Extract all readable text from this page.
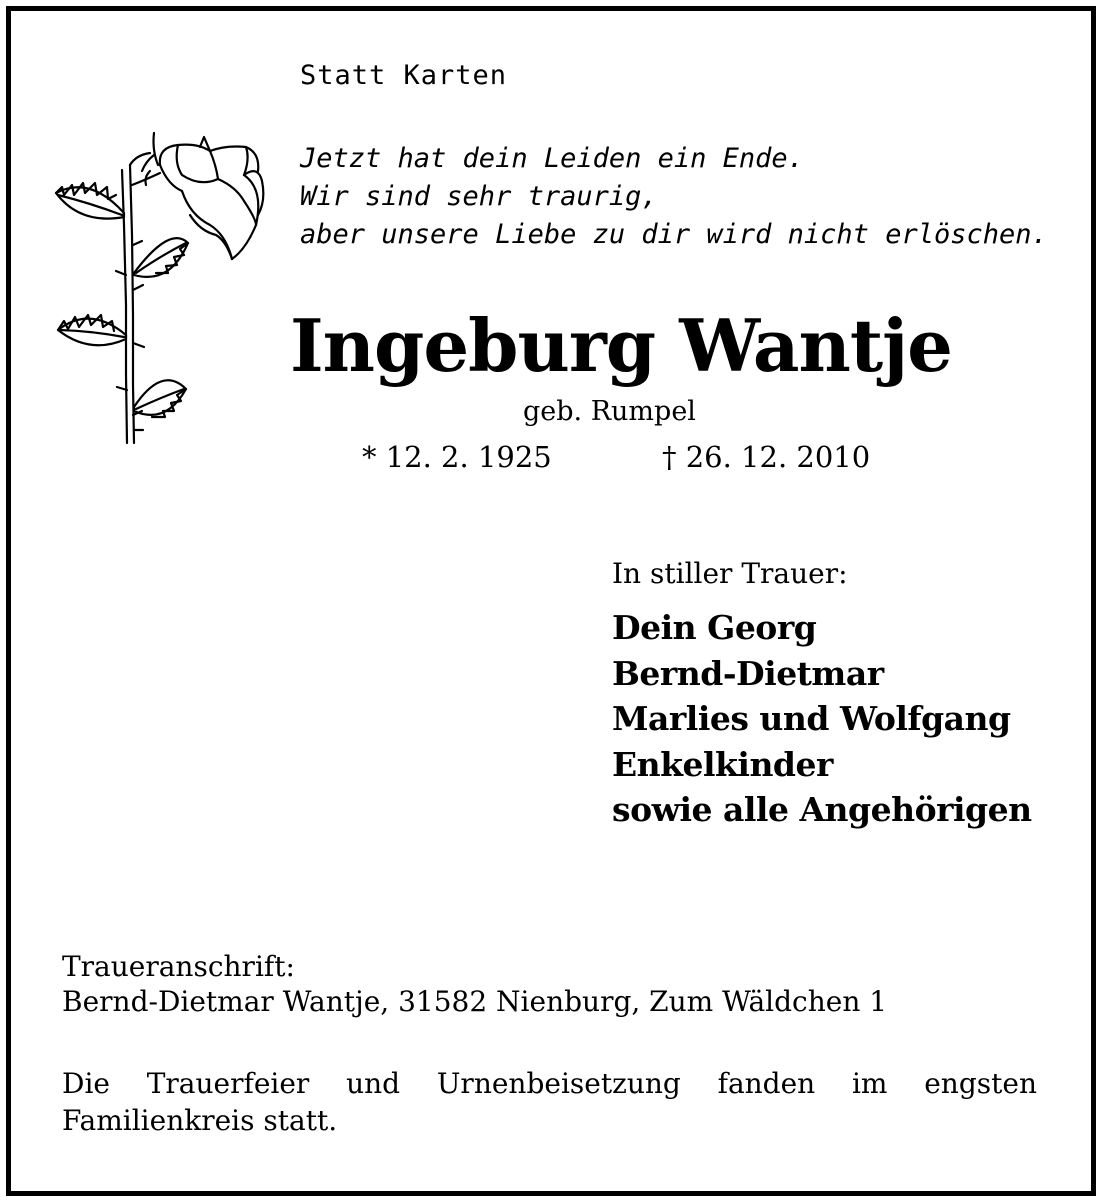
Statt Karten
Jetzt hat dein Leiden ein Ende.
Wir sind sehr traurig,
aber unsere Liebe zu dir wird nicht erlöschen.
Ingeburg Wantje
geb. Rumpel
* 12. 2. 1925	† 26. 12. 2010
In stiller Trauer:
Dein Georg
Bernd-Dietmar
Marlies und Wolfgang
Enkelkinder
sowie alle Angehörigen
Traueranschrift:
Bernd-Dietmar Wantje, 31582 Nienburg, Zum Wäldchen 1
Die Trauerfeier und Urnenbeisetzung fanden im engsten Familienkreis statt.
